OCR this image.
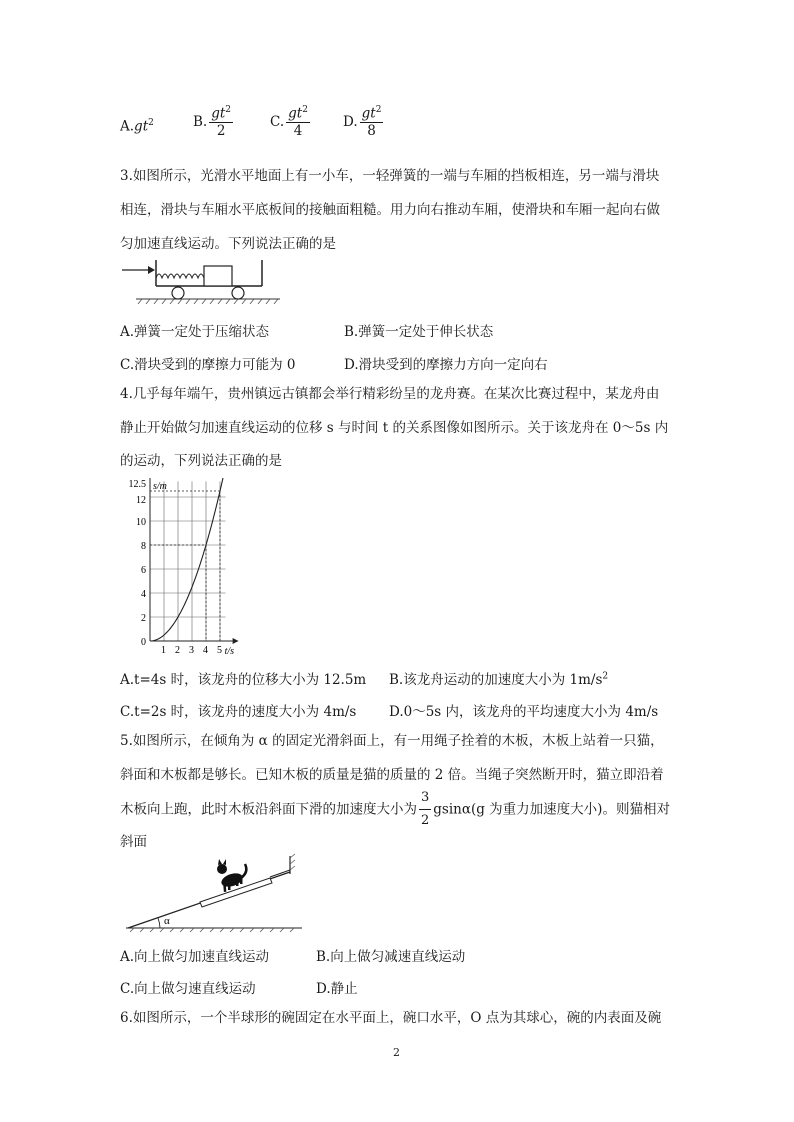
$A.gt^2$	B. $\frac{gt^2}{2}$	C. $\frac{gt^2}{4} D$. $\frac{gt^2}{8}$
3.如图所示，光滑水平地面上有一小车，一轻弹簧的一端与车厢的挡板相连，另一端与滑块
相连，滑块与车厢水平底板间的接触面粗糙。用力向右推动车厢，使滑块和车厢一起向右做
匀加速直线运动。下列说法正确的是
A.弹簧一定处于压缩状态	B.弹簧一定处于伸长状态
C.滑块受到的摩擦力可能为 0	D.滑块受到的摩擦力方向一定向右
4.几乎每年端午，贵州镇远古镇都会举行精彩纷呈的龙舟赛。在某次比赛过程中，某龙舟由
静止开始做匀加速直线运动的位移 s 与时间 t 的关系图像如图所示。关于该龙舟在 0～5s 内
的运动，下列说法正确的是
1 2 3 4 5
0
2
4
6
8
10
12
12.5 s/m
t/s
A.t=4s 时，该龙舟的位移大小为 12.5m B.该龙舟运动的加速度大小为 $1m/s^2$
C.t=2s 时，该龙舟的速度大小为 4m/s D.0～5s 内，该龙舟的平均速度大小为 4m/s
5.如图所示，在倾角为 α 的固定光滑斜面上，有一用绳子拴着的木板，木板上站着一只猫，
斜面和木板都是够长。已知木板的质量是猫的质量的 2 倍。当绳子突然断开时，猫立即沿着
木板向上跑，此时木板沿斜面下滑的加速度大小为 $\frac{3}{2} gsin\alpha(g$ 为重力加速度大小)。则猫相对
斜面
α
A.向上做匀加速直线运动	B.向上做匀减速直线运动
C.向上做匀速直线运动	D.静止
6.如图所示，一个半球形的碗固定在水平面上，碗口水平，O 点为其球心，碗的内表面及碗
2
